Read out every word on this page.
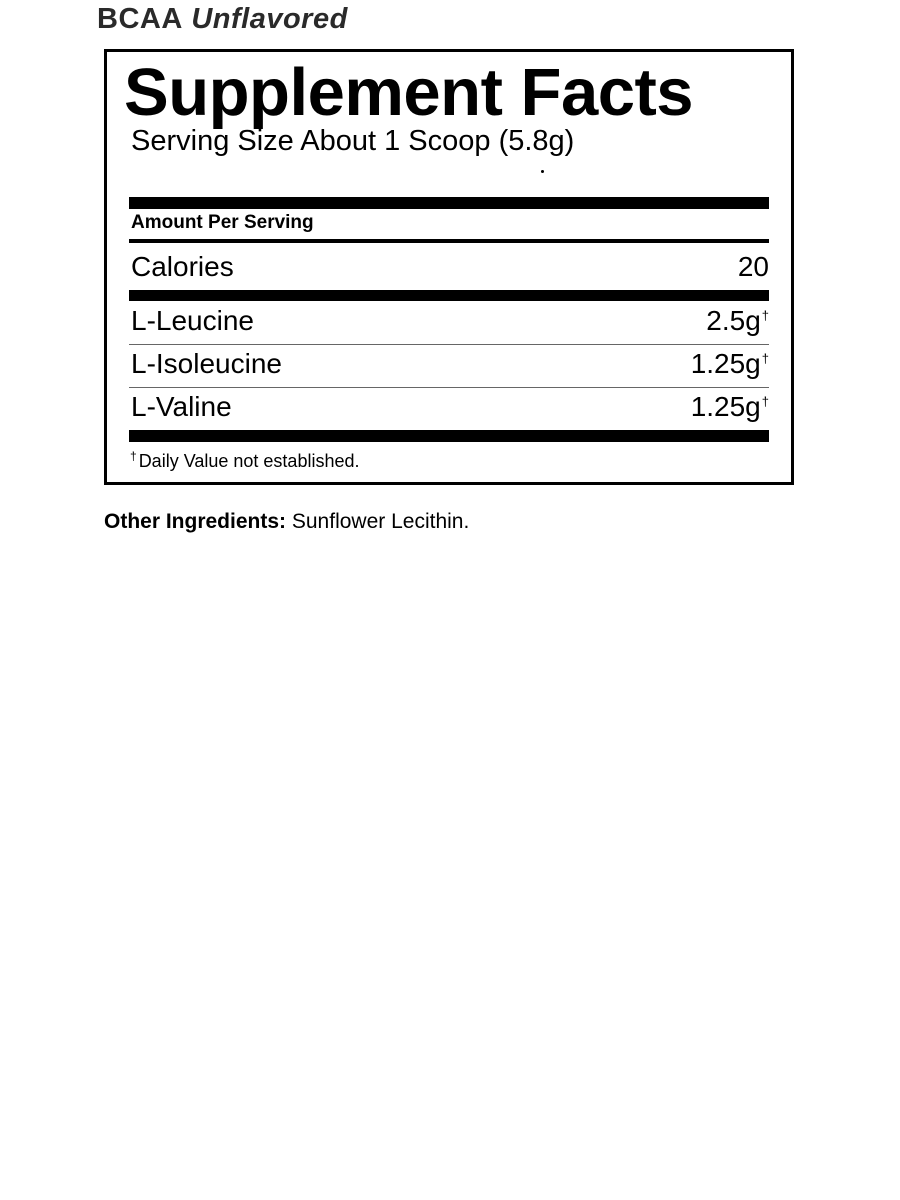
BCAA Unflavored
Supplement Facts
Serving Size About 1 Scoop (5.8g)
Amount Per Serving
Calories	20
L-Leucine	2.5g†
L-Isoleucine	1.25g†
L-Valine	1.25g†
† Daily Value not established.
Other Ingredients: Sunflower Lecithin.
